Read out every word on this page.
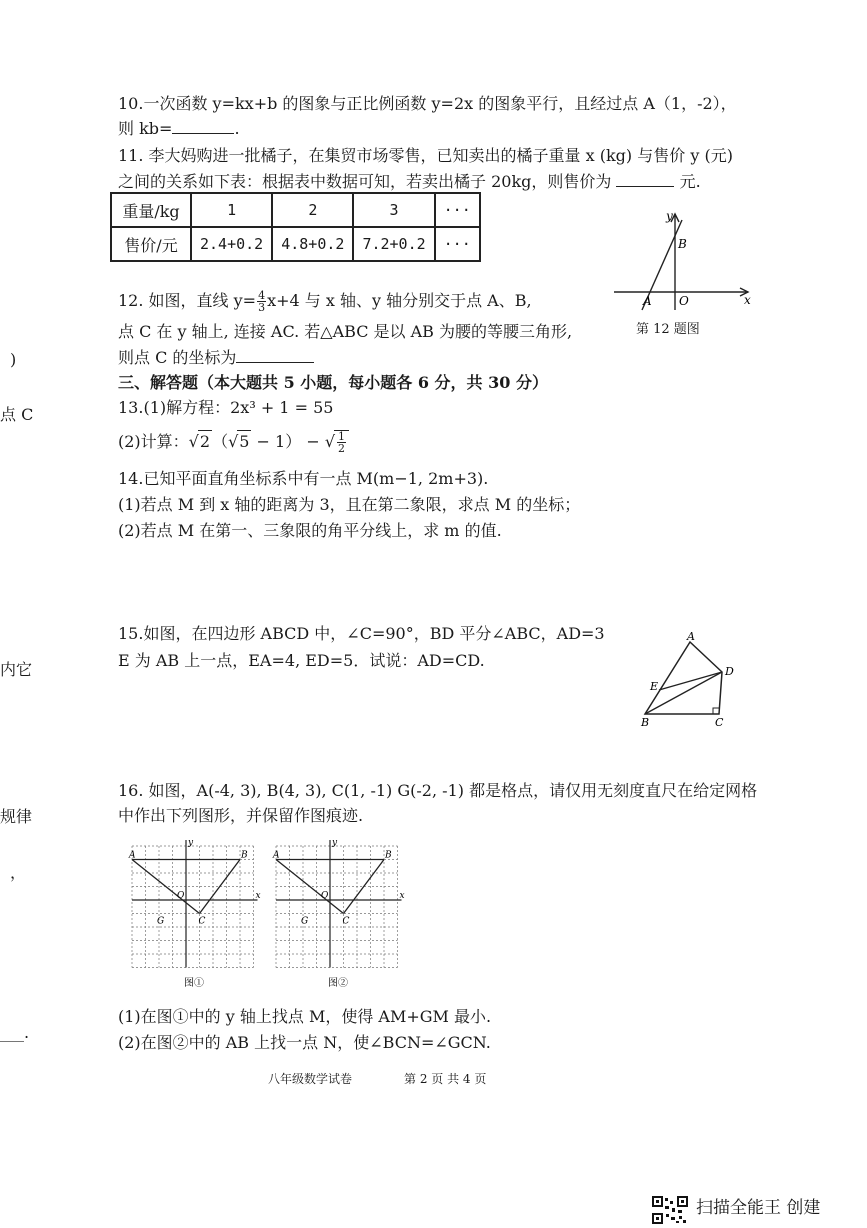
10.一次函数 y=kx+b 的图象与正比例函数 y=2x 的图象平行，且经过点 A（1，-2），
则 kb=	.
11. 李大妈购进一批橘子，在集贸市场零售，已知卖出的橘子重量 x (kg) 与售价 y (元)
之间的关系如下表：根据表中数据可知，若卖出橘子 20kg，则售价为	元.
重量/kg	1	2	3	···
售价/元	2.4+0.2	4.8+0.2	7.2+0.2	···
y
x
A
B
O
第 12 题图
12. 如图，直线 $y= \frac{4}{3} x+4$ 与 x 轴、y 轴分别交于点 A、B,
点 C 在 y 轴上, 连接 AC. 若△ABC 是以 AB 为腰的等腰三角形,
则点 C 的坐标为
三、解答题（本大题共 5 小题，每小题各 6 分，共 30 分）
13.(1)解方程：2x³ + 1 = 55
(2)计算：√2 （√5 − 1） − √ $\frac{1}{2}$
14.已知平面直角坐标系中有一点 M(m−1, 2m+3).
(1)若点 M 到 x 轴的距离为 3，且在第二象限，求点 M 的坐标；
(2)若点 M 在第一、三象限的角平分线上，求 m 的值.
15.如图，在四边形 ABCD 中，∠C=90°，BD 平分∠ABC，AD=3
E 为 AB 上一点，EA=4, ED=5．试说：AD=CD.
A
D
E
B	C
16. 如图，A(-4, 3), B(4, 3), C(1, -1) G(-2, -1) 都是格点，请仅用无刻度直尺在给定网格
中作出下列图形，并保留作图痕迹.
A	B
O
C
G
x
y
图①
A	B
O
C
G
x
y
图②
(1)在图①中的 y 轴上找点 M，使得 AM+GM 最小.
(2)在图②中的 AB 上找一点 N，使∠BCN=∠GCN.
八年级数学试卷	第 2 页 共 4 页
)
点 C
内它
规律
，
___.
扫描全能王 创建
